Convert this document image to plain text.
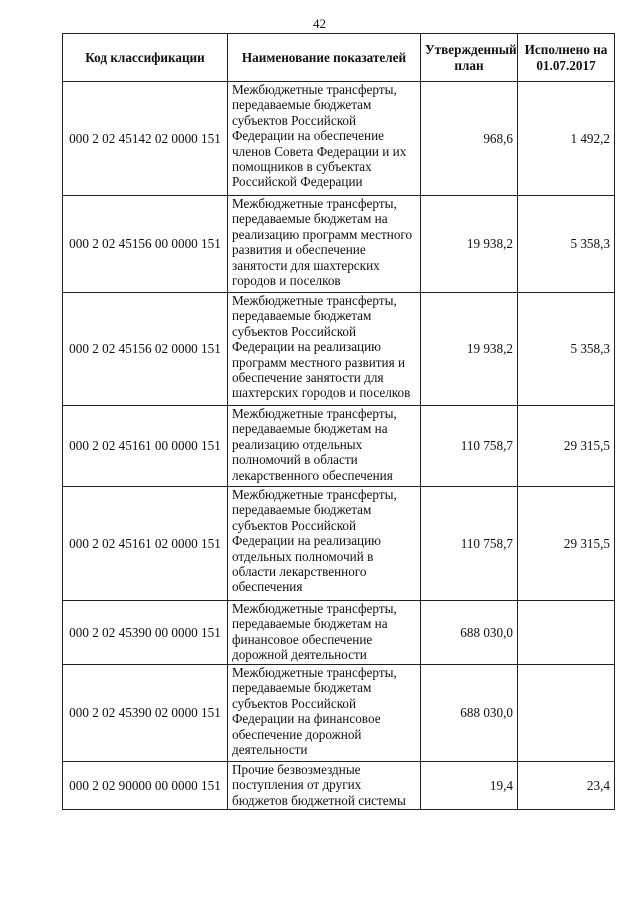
42
Код классификации	Наименование показателей	Утвержденный план	Исполнено на 01.07.2017
000 2 02 45142 02 0000 151	Межбюджетные трансферты, передаваемые бюджетам субъектов Российской Федерации на обеспечение членов Совета Федерации и их помощников в субъектах Российской Федерации	968,6	1 492,2
000 2 02 45156 00 0000 151	Межбюджетные трансферты, передаваемые бюджетам на реализацию программ местного развития и обеспечение занятости для шахтерских городов и поселков	19 938,2	5 358,3
000 2 02 45156 02 0000 151	Межбюджетные трансферты, передаваемые бюджетам субъектов Российской Федерации на реализацию программ местного развития и обеспечение занятости для шахтерских городов и поселков	19 938,2	5 358,3
000 2 02 45161 00 0000 151	Межбюджетные трансферты, передаваемые бюджетам на реализацию отдельных полномочий в области лекарственного обеспечения	110 758,7	29 315,5
000 2 02 45161 02 0000 151	Межбюджетные трансферты, передаваемые бюджетам субъектов Российской Федерации на реализацию отдельных полномочий в области лекарственного обеспечения	110 758,7	29 315,5
000 2 02 45390 00 0000 151	Межбюджетные трансферты, передаваемые бюджетам на финансовое обеспечение дорожной деятельности	688 030,0	
000 2 02 45390 02 0000 151	Межбюджетные трансферты, передаваемые бюджетам субъектов Российской Федерации на финансовое обеспечение дорожной деятельности	688 030,0	
000 2 02 90000 00 0000 151	Прочие безвозмездные поступления от других бюджетов бюджетной системы	19,4	23,4
